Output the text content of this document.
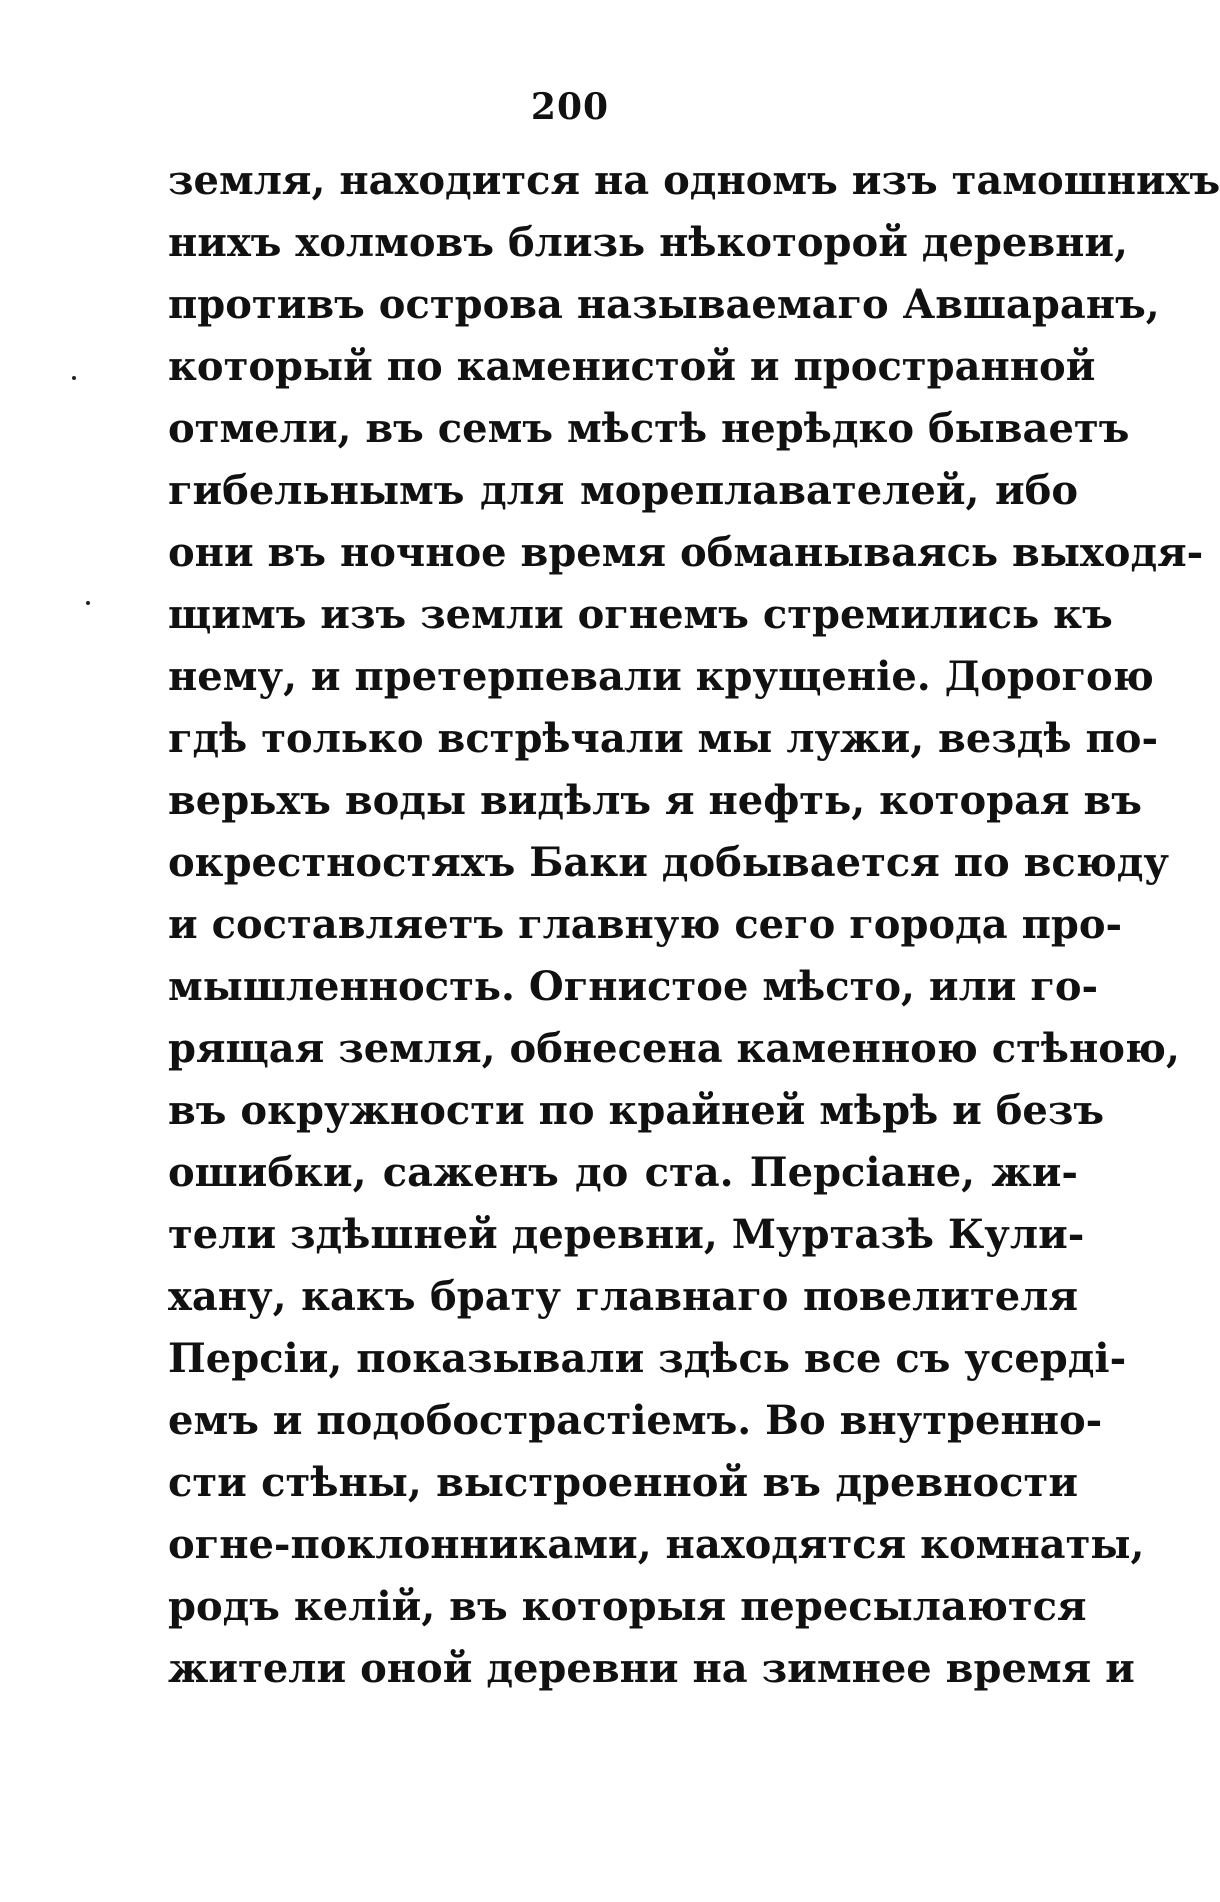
200
земля, находится на одномъ изъ тамошнихъ
нихъ холмовъ близь нѣкоторой деревни,
противъ острова называемаго Авшаранъ,
который по каменистой и пространной
отмели, въ семъ мѣстѣ нерѣдко бываетъ
гибельнымъ для мореплавателей, ибо
они въ ночное время обманываясь выходя-
щимъ изъ земли огнемъ стремились къ
нему, и претерпевали крущеніе. Дорогою
гдѣ только встрѣчали мы лужи, вездѣ по-
верьхъ воды видѣлъ я нефть, которая въ
окрестностяхъ Баки добывается по всюду
и составляетъ главную сего города про-
мышленность. Огнистое мѣсто, или го-
рящая земля, обнесена каменною стѣною,
въ окружности по крайней мѣрѣ и безъ
ошибки, саженъ до ста. Персіане, жи-
тели здѣшней деревни, Муртазѣ Кули-
хану, какъ брату главнаго повелителя
Персіи, показывали здѣсь все съ усерді-
емъ и подобострастіемъ. Во внутренно-
сти стѣны, выстроенной въ древности
огне-поклонниками, находятся комнаты,
родъ келій, въ которыя пересылаются
жители оной деревни на зимнее время и
